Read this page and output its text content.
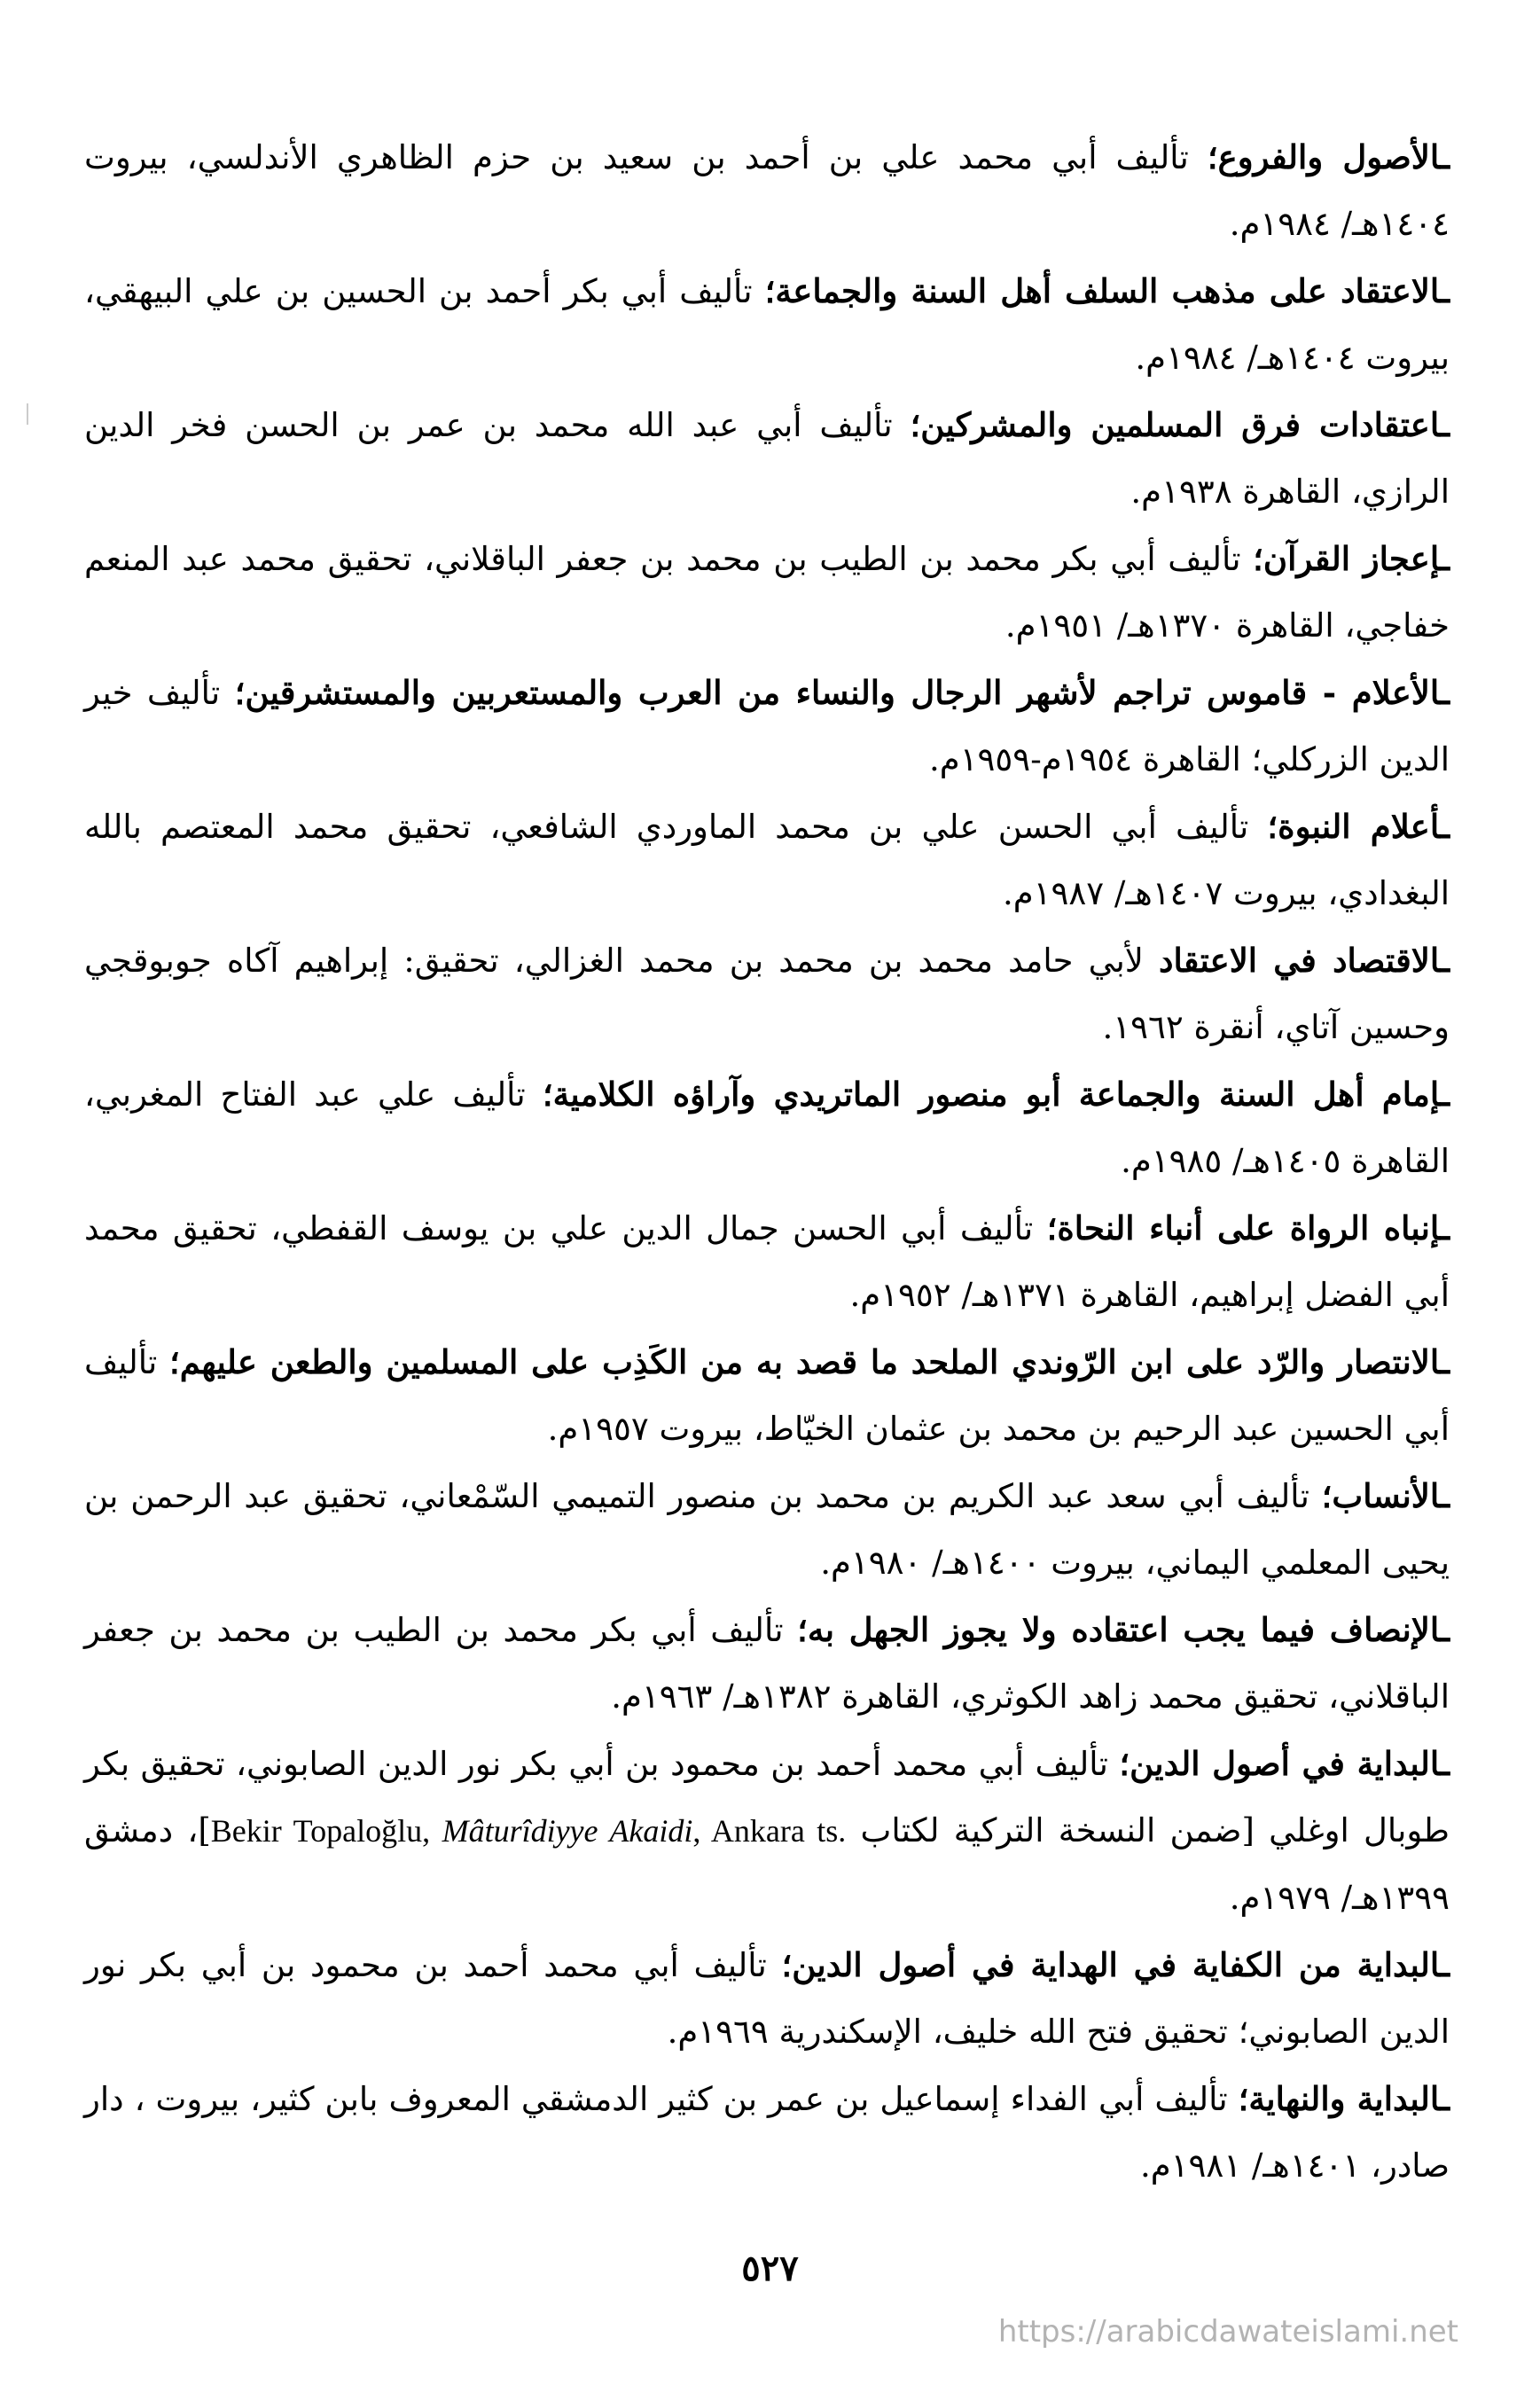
ـالأصول والفروع؛ تأليف أبي محمد علي بن أحمد بن سعيد بن حزم الظاهري الأندلسي، بيروت ١٤٠٤هـ/ ١٩٨٤م.

ـالاعتقاد على مذهب السلف أهل السنة والجماعة؛ تأليف أبي بكر أحمد بن الحسين بن علي البيهقي، بيروت ١٤٠٤هـ/ ١٩٨٤م.

ـاعتقادات فرق المسلمين والمشركين؛ تأليف أبي عبد الله محمد بن عمر بن الحسن فخر الدين الرازي، القاهرة ١٩٣٨م.

ـإعجاز القرآن؛ تأليف أبي بكر محمد بن الطيب بن محمد بن جعفر الباقلاني، تحقيق محمد عبد المنعم خفاجي، القاهرة ١٣٧٠هـ/ ١٩٥١م.

ـالأعلام - قاموس تراجم لأشهر الرجال والنساء من العرب والمستعربين والمستشرقين؛ تأليف خير الدين الزركلي؛ القاهرة ١٩٥٤م-١٩٥٩م.

ـأعلام النبوة؛ تأليف أبي الحسن علي بن محمد الماوردي الشافعي، تحقيق محمد المعتصم بالله البغدادي، بيروت ١٤٠٧هـ/ ١٩٨٧م.

ـالاقتصاد في الاعتقاد لأبي حامد محمد بن محمد بن محمد الغزالي، تحقيق: إبراهيم آكاه جوبوقجي وحسين آتاي، أنقرة ١٩٦٢.

ـإمام أهل السنة والجماعة أبو منصور الماتريدي وآراؤه الكلامية؛ تأليف علي عبد الفتاح المغربي، القاهرة ١٤٠٥هـ/ ١٩٨٥م.

ـإنباه الرواة على أنباء النحاة؛ تأليف أبي الحسن جمال الدين علي بن يوسف القفطي، تحقيق محمد أبي الفضل إبراهيم، القاهرة ١٣٧١هـ/ ١٩٥٢م.

ـالانتصار والرّد على ابن الرّوندي الملحد ما قصد به من الكَذِب على المسلمين والطعن عليهم؛ تأليف أبي الحسين عبد الرحيم بن محمد بن عثمان الخيّاط، بيروت ١٩٥٧م.

ـالأنساب؛ تأليف أبي سعد عبد الكريم بن محمد بن منصور التميمي السّمْعاني، تحقيق عبد الرحمن بن يحيى المعلمي اليماني، بيروت ١٤٠٠هـ/ ١٩٨٠م.

ـالإنصاف فيما يجب اعتقاده ولا يجوز الجهل به؛ تأليف أبي بكر محمد بن الطيب بن محمد بن جعفر الباقلاني، تحقيق محمد زاهد الكوثري، القاهرة ١٣٨٢هـ/ ١٩٦٣م.

ـالبداية في أصول الدين؛ تأليف أبي محمد أحمد بن محمود بن أبي بكر نور الدين الصابوني، تحقيق بكر طوبال اوغلي [ضمن النسخة التركية لكتاب Bekir Topaloğlu, Mâturîdiyye Akaidi, Ankara ts.]، دمشق ١٣٩٩هـ/ ١٩٧٩م.

ـالبداية من الكفاية في الهداية في أصول الدين؛ تأليف أبي محمد أحمد بن محمود بن أبي بكر نور الدين الصابوني؛ تحقيق فتح الله خليف، الإسكندرية ١٩٦٩م.

ـالبداية والنهاية؛ تأليف أبي الفداء إسماعيل بن عمر بن كثير الدمشقي المعروف بابن كثير، بيروت ، دار صادر، ١٤٠١هـ/ ١٩٨١م.

٥٢٧
https://arabicdawateislami.net
